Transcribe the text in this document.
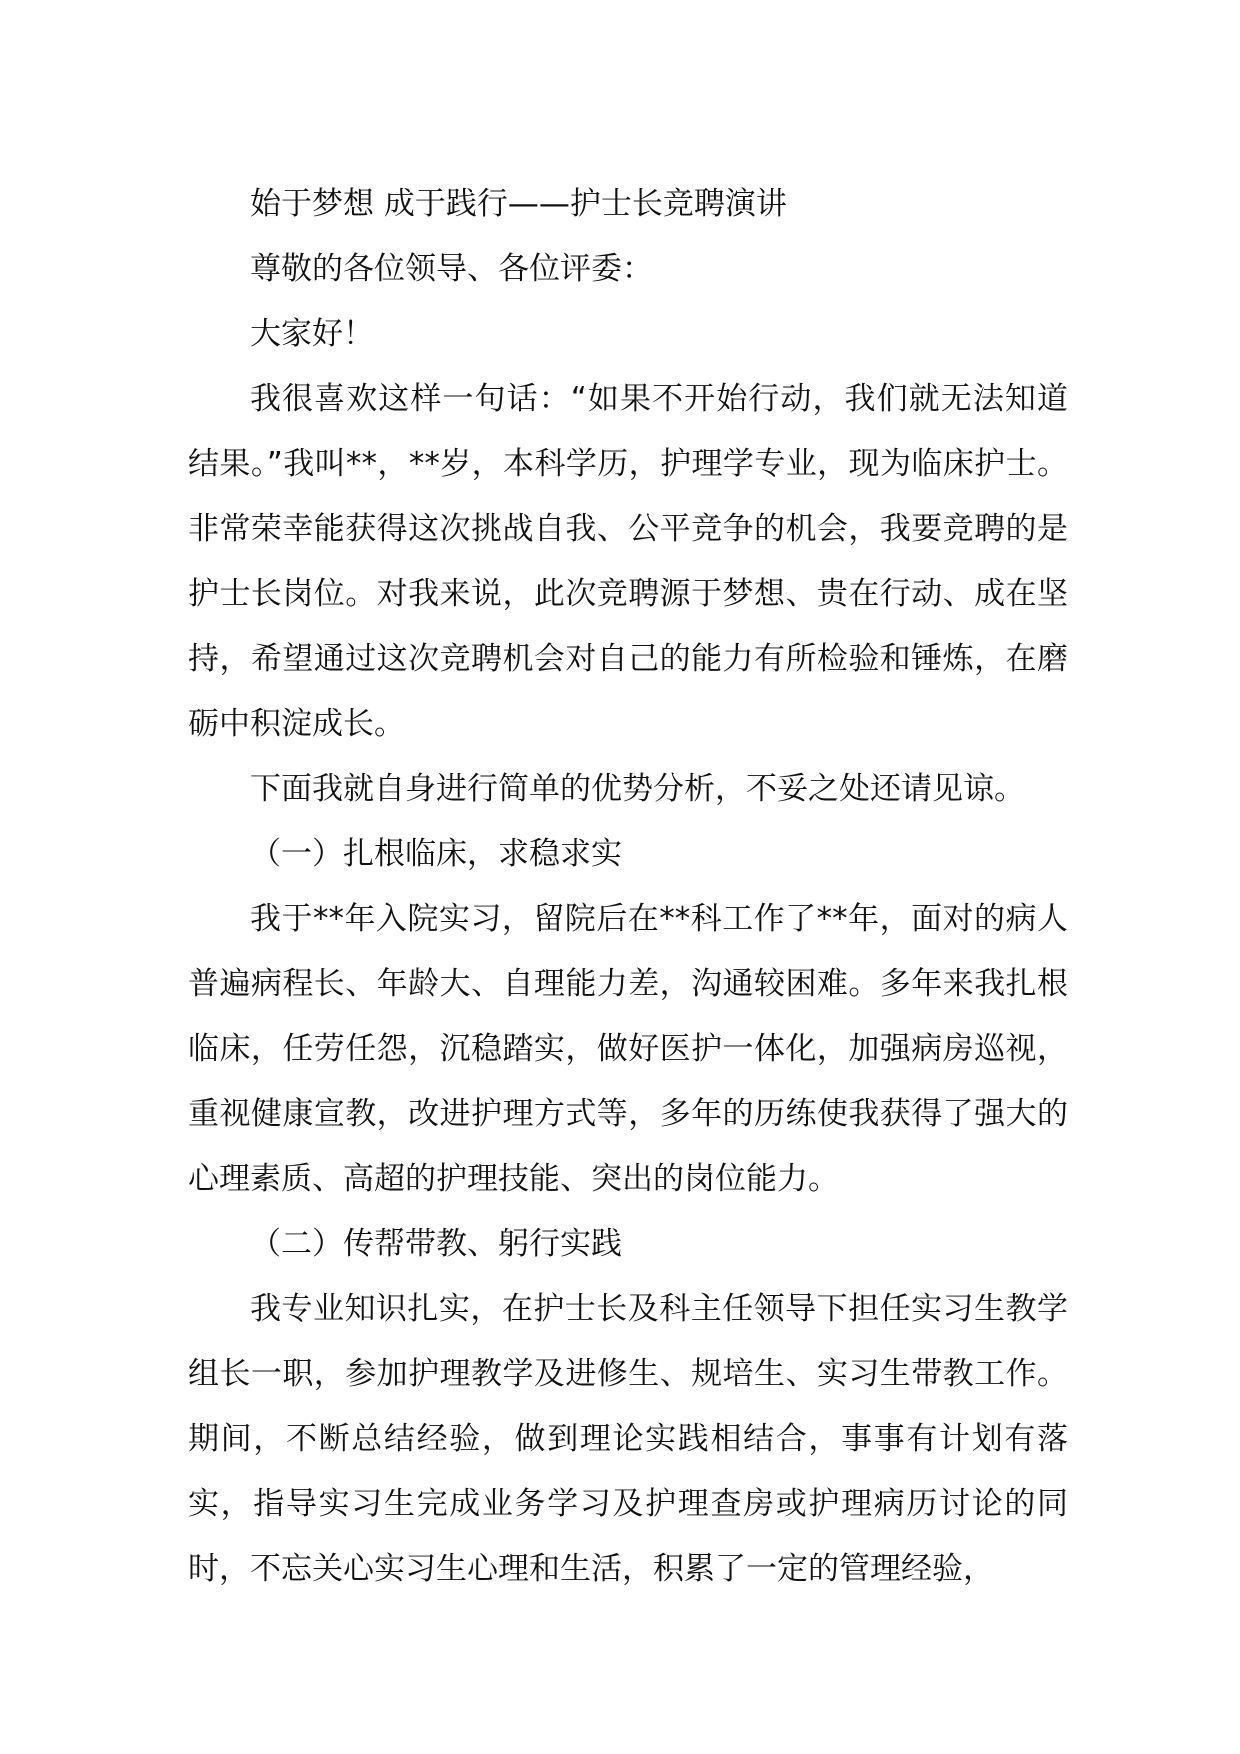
始于梦想 成于践行——护士长竞聘演讲

尊敬的各位领导、各位评委：

大家好！

我很喜欢这样一句话：“如果不开始行动，我们就无法知道结果。”我叫**，**岁，本科学历，护理学专业，现为临床护士。非常荣幸能获得这次挑战自我、公平竞争的机会，我要竞聘的是护士长岗位。对我来说，此次竞聘源于梦想、贵在行动、成在坚持，希望通过这次竞聘机会对自己的能力有所检验和锤炼，在磨砺中积淀成长。

下面我就自身进行简单的优势分析，不妥之处还请见谅。

（一）扎根临床，求稳求实

我于**年入院实习，留院后在**科工作了**年，面对的病人普遍病程长、年龄大、自理能力差，沟通较困难。多年来我扎根临床，任劳任怨，沉稳踏实，做好医护一体化，加强病房巡视，重视健康宣教，改进护理方式等，多年的历练使我获得了强大的心理素质、高超的护理技能、突出的岗位能力。

（二）传帮带教、躬行实践

我专业知识扎实，在护士长及科主任领导下担任实习生教学组长一职，参加护理教学及进修生、规培生、实习生带教工作。期间，不断总结经验，做到理论实践相结合，事事有计划有落实，指导实习生完成业务学习及护理查房或护理病历讨论的同时，不忘关心实习生心理和生活，积累了一定的管理经验，
